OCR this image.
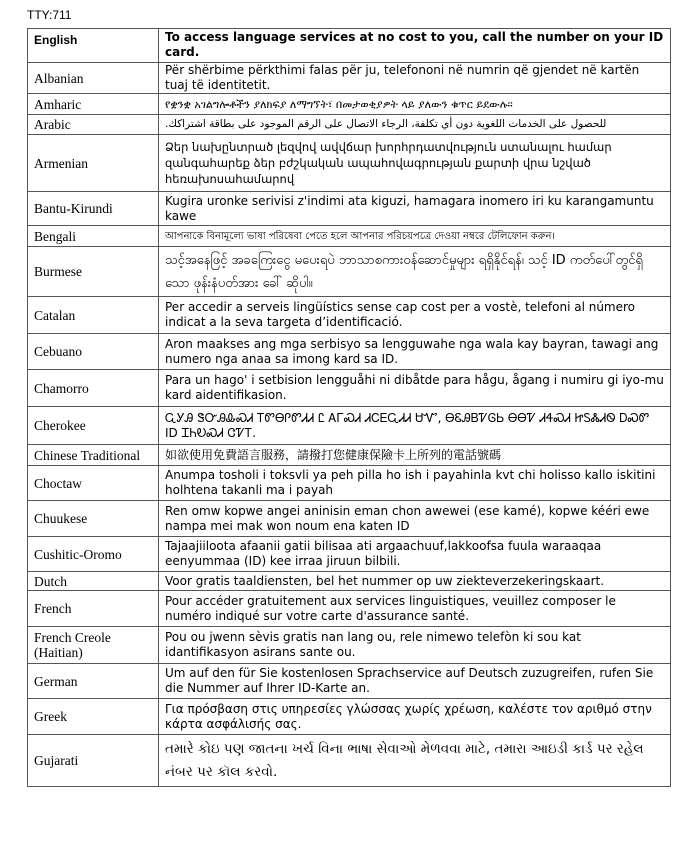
TTY:711
English	To access language services at no cost to you, call the number on your ID card.
Albanian	Për shërbime përkthimi falas për ju, telefononi në numrin që gjendet në kartën tuaj të identitetit.
Amharic	የቋንቋ አገልግሎቶችን ያለክፍያ ለማግኘት፣ በመታወቂያዎት ላይ ያለውን ቁጥር ይደውሉ፡፡
Arabic	للحصول على الخدمات اللغوية دون أي تكلفة، الرجاء الاتصال على الرقم الموجود على بطاقة اشتراكك.
Armenian	Ձեր նախընտրած լեզվով ավվճար խորհրդատվություն ստանալու համար զանգահարեք ձեր բժշկական ապահովագրության քարտի վրա նշված հեռախոսահամարով
Bantu-Kirundi	Kugira uronke serivisi z'indimi ata kiguzi, hamagara inomero iri ku karangamuntu kawe
Bengali	আপনাকে বিনামূল্যে ভাষা পরিষেবা পেতে হলে আপনার পরিচয়পত্রে দেওয়া নম্বরে টেলিফোন করুন।
Burmese	သင့်အနေဖြင့် အခကြေးငွေ မပေးရပဲ ဘာသာစကားဝန်ဆောင်မှုများ ရရှိနိုင်ရန်၊ သင့် ID ကတ်ပေါ်တွင်ရှိသော ဖုန်းနံပတ်အား ခေါ် ဆိုပါ။
Catalan	Per accedir a serveis lingüístics sense cap cost per a vostè, telefoni al número indicat a la seva targeta d’identificació.
Cebuano	Aron maakses ang mga serbisyo sa lengguwahe nga wala kay bayran, tawagi ang numero nga anaa sa imong kard sa ID.
Chamorro	Para un hago' i setbision lengguåhi ni dibåtde para hågu, ågang i numiru gi iyo-mu kard aidentifikasion.
Cherokee	ᏩᎩᎯ ᏕᏅᎯᎲᏍᏗ ᎢᏛᎾᎵᏛᏗᏗ Ꮭ ᎪᎱᏍᏗ ᏗᏟᎬᏩᏗᏗ ᏌᏉ, ᎾᏋᎯᏴᏤᎶᏏ ᎾᎾᏤ ᏗᏎᏍᏗ ᏥᏚᏜᏗᏫ ᎠᏍᏛ ID ᏆᏂᎧᏍᏗ ᏣᏤᎢ.
Chinese Traditional	如欲使用免費語言服務，請撥打您健康保險卡上所列的電話號碼
Choctaw	Anumpa tosholi i toksvli ya peh pilla ho ish i payahinla kvt chi holisso kallo iskitini holhtena takanli ma i payah
Chuukese	Ren omw kopwe angei aninisin eman chon awewei (ese kamé), kopwe kééri ewe nampa mei mak won noum ena katen ID
Cushitic-Oromo	Tajaajiiloota afaanii gatii bilisaa ati argaachuuf,lakkoofsa fuula waraaqaa eenyummaa (ID) kee irraa jiruun bilbili.
Dutch	Voor gratis taaldiensten, bel het nummer op uw ziekteverzekeringskaart.
French	Pour accéder gratuitement aux services linguistiques, veuillez composer le numéro indiqué sur votre carte d'assurance santé.
French Creole (Haitian)	Pou ou jwenn sèvis gratis nan lang ou, rele nimewo telefòn ki sou kat idantifikasyon asirans sante ou.
German	Um auf den für Sie kostenlosen Sprachservice auf Deutsch zuzugreifen, rufen Sie die Nummer auf Ihrer ID-Karte an.
Greek	Για πρόσβαση στις υπηρεσίες γλώσσας χωρίς χρέωση, καλέστε τον αριθμό στην κάρτα ασφάλισής σας.
Gujarati	તમારે કોઇ પણ જાતના ખર્ચ વિના ભાષા સેવાઓ મેળવવા માટે, તમારા આઇડી કાર્ડ પર રહેલ નંબર પર કૉલ કરવો.
